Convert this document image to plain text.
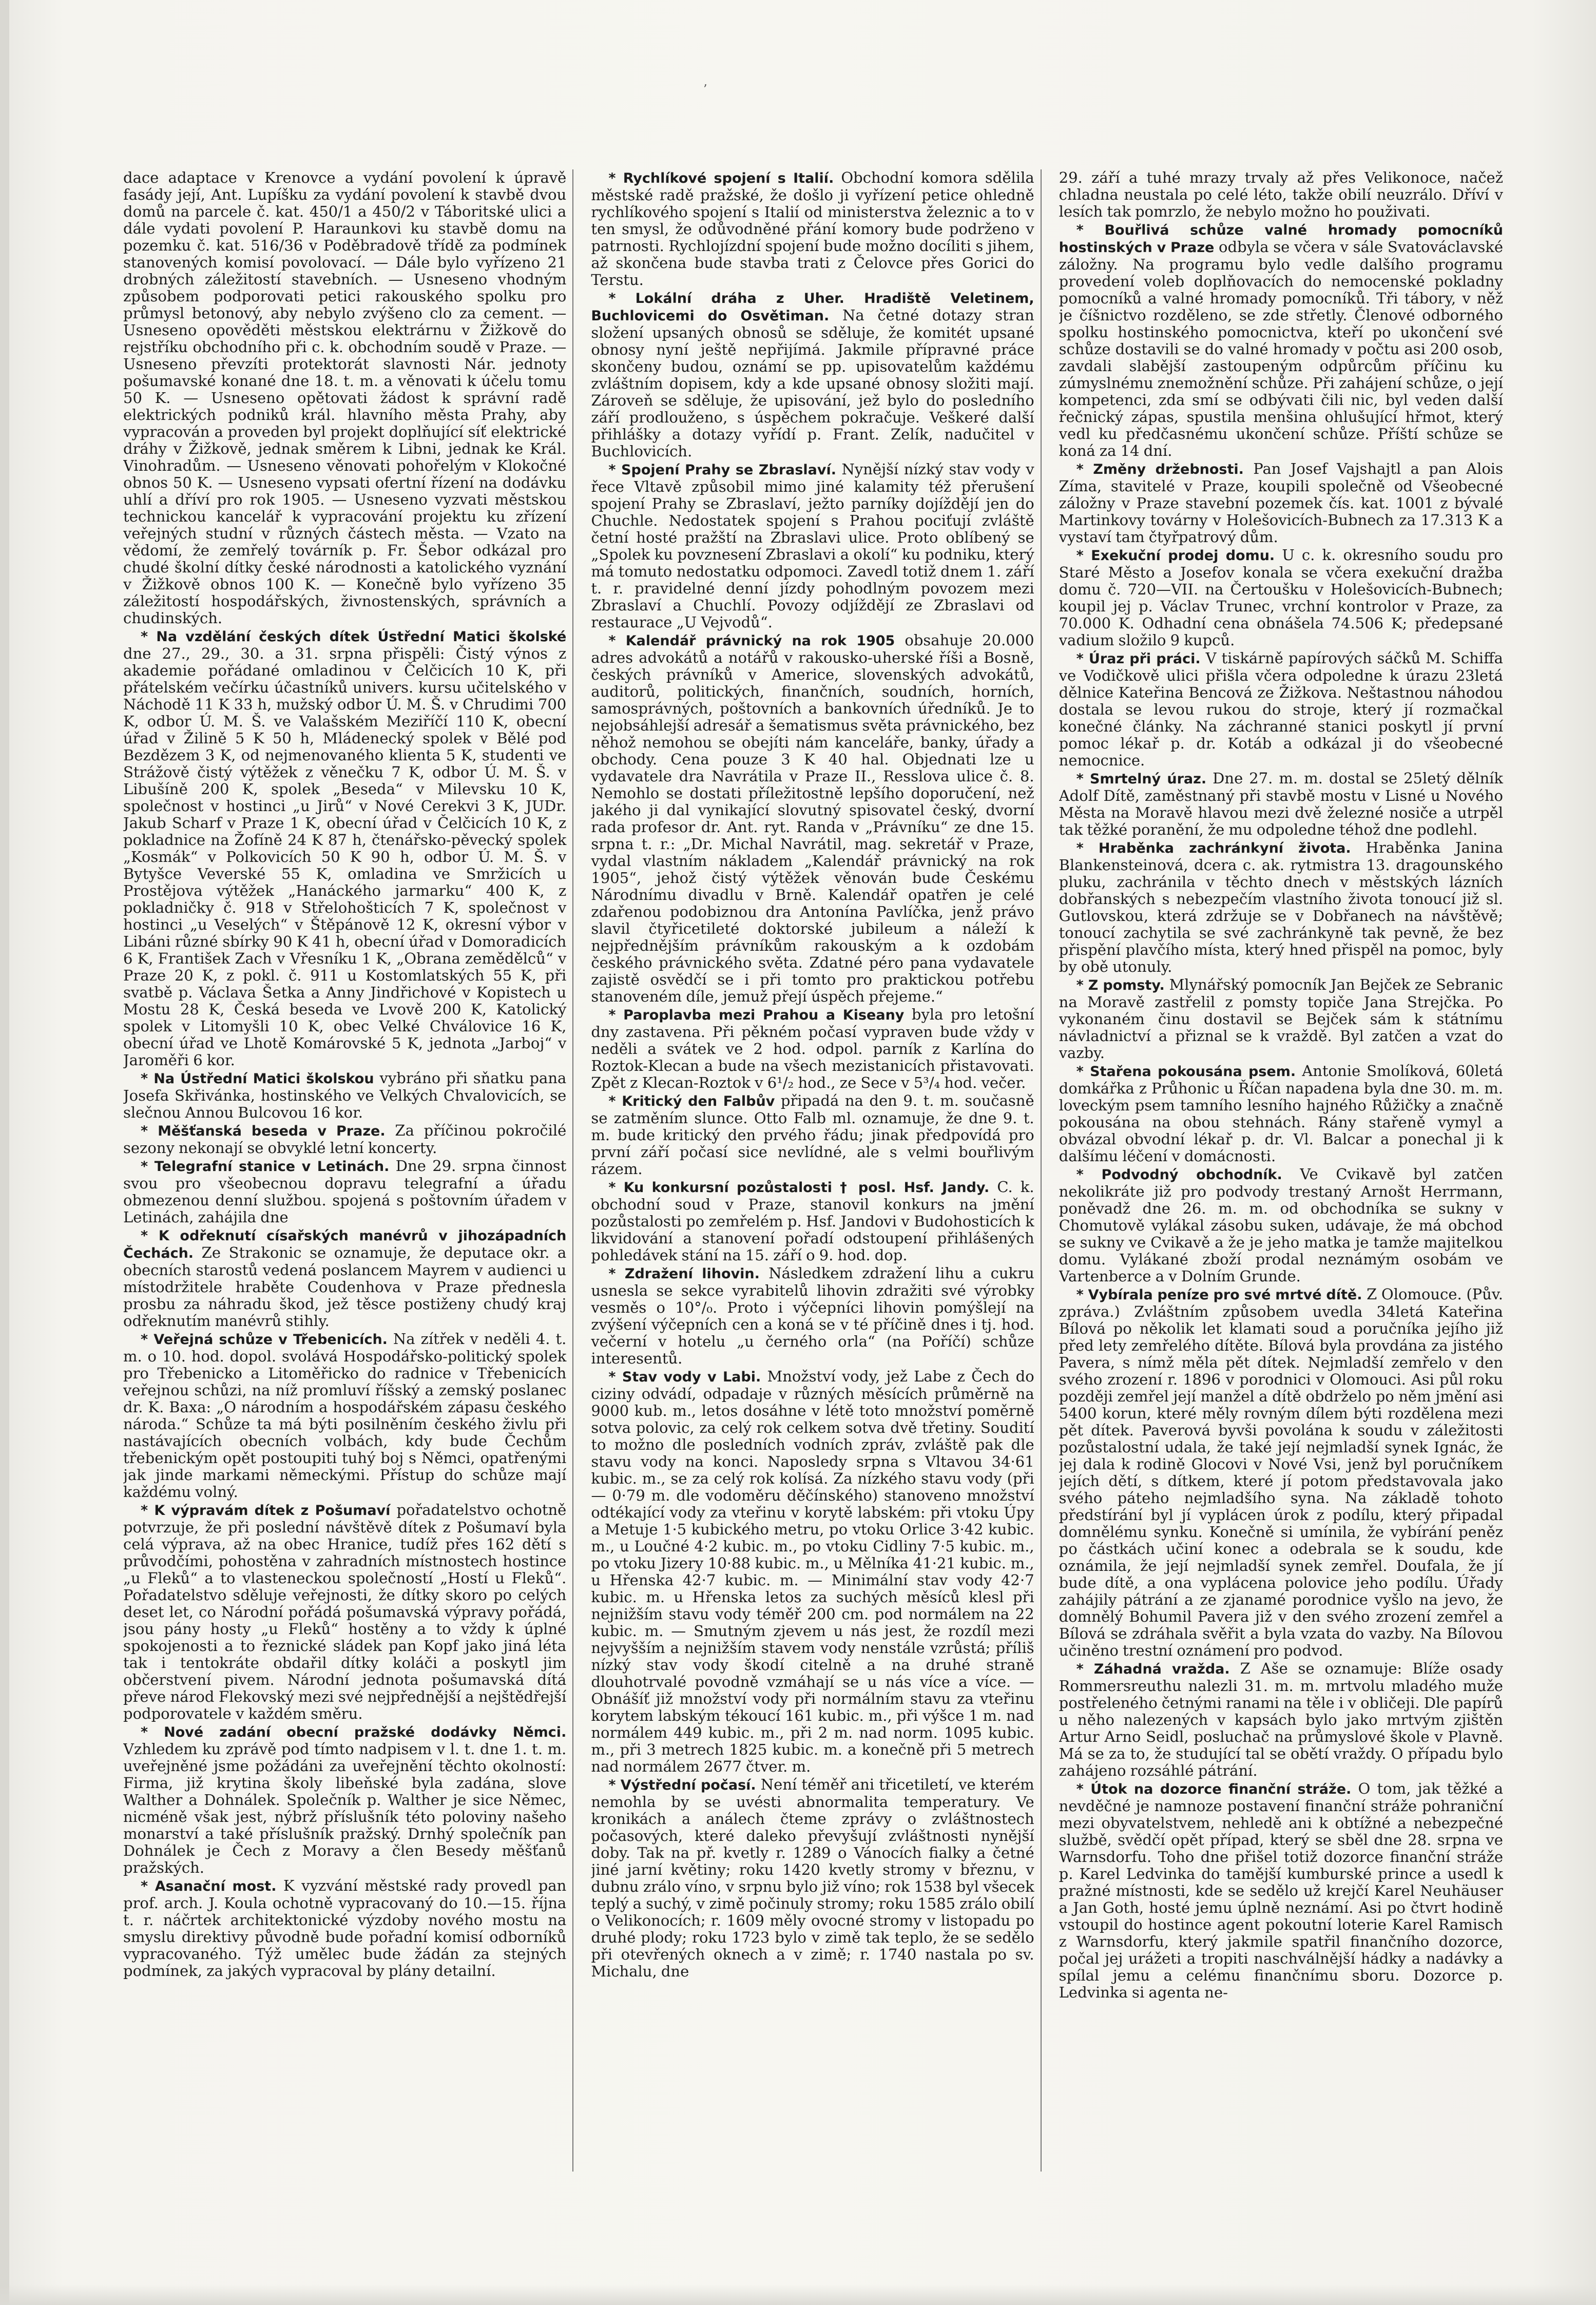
’

dace adaptace v Krenovce a vydání povolení k úpravě fasády její, Ant. Lupíšku za vydání povolení k stavbě dvou domů na parcele č. kat. 450/1 a 450/2 v Táboritské ulici a dále vydati povolení P. Haraunkovi ku stavbě domu na pozemku č. kat. 516/36 v Poděbradově třídě za podmínek stanovených komisí povolovací. — Dále bylo vyřízeno 21 drobných záležitostí stavebních. — Usneseno vhodným způsobem podporovati petici rakouského spolku pro průmysl betonový, aby nebylo zvýšeno clo za cement. — Usneseno opověděti městskou elektrárnu v Žižkově do rejstříku obchodního při c. k. obchodním soudě v Praze. — Usneseno převzíti protektorát slavnosti Nár. jednoty pošumavské konané dne 18. t. m. a věnovati k účelu tomu 50 K. — Usneseno opětovati žádost k správní radě elektrických podniků král. hlavního města Prahy, aby vypracován a proveden byl projekt doplňující síť elektrické dráhy v Žižkově, jednak směrem k Libni, jednak ke Král. Vinohradům. — Usneseno věnovati pohořelým v Klokočné obnos 50 K. — Usneseno vypsati ofertní řízení na dodávku uhlí a dříví pro rok 1905. — Usneseno vyzvati městskou technickou kancelář k vypracování projektu ku zřízení veřejných studní v různých částech města. — Vzato na vědomí, že zemřelý továrník p. Fr. Šebor odkázal pro chudé školní dítky české národnosti a katolického vyznání v Žižkově obnos 100 K. — Konečně bylo vyřízeno 35 záležitostí hospodářských, živnostenských, správních a chudinských.

* Na vzdělání českých dítek Ústřední Matici školské dne 27., 29., 30. a 31. srpna přispěli: Čistý výnos z akademie pořádané omladinou v Čelčicích 10 K, při přátelském večírku účastníků univers. kursu učitelského v Náchodě 11 K 33 h, mužský odbor Ú. M. Š. v Chrudimi 700 K, odbor Ú. M. Š. ve Valašském Meziříčí 110 K, obecní úřad v Žilině 5 K 50 h, Mládenecký spolek v Bělé pod Bezdězem 3 K, od nejmenovaného klienta 5 K, studenti ve Strážově čistý výtěžek z věnečku 7 K, odbor Ú. M. Š. v Libušíně 200 K, spolek „Beseda“ v Milevsku 10 K, společnost v hostinci „u Jirů“ v Nové Cerekvi 3 K, JUDr. Jakub Scharf v Praze 1 K, obecní úřad v Čelčicích 10 K, z pokladnice na Žofíně 24 K 87 h, čtenářsko-pěvecký spolek „Kosmák“ v Polkovicích 50 K 90 h, odbor Ú. M. Š. v Bytyšce Veverské 55 K, omladina ve Smržicích u Prostějova výtěžek „Hanáckého jarmarku“ 400 K, z pokladničky č. 918 v Střelohošticích 7 K, společnost v hostinci „u Veselých“ v Štěpánově 12 K, okresní výbor v Libáni různé sbírky 90 K 41 h, obecní úřad v Domoradicích 6 K, František Zach v Vřesníku 1 K, „Obrana zemědělců“ v Praze 20 K, z pokl. č. 911 u Kostomlatských 55 K, při svatbě p. Václava Šetka a Anny Jindřichové v Kopistech u Mostu 28 K, Česká beseda ve Lvově 200 K, Katolický spolek v Litomyšli 10 K, obec Velké Chválovice 16 K, obecní úřad ve Lhotě Komárovské 5 K, jednota „Jarboj“ v Jaroměři 6 kor.

* Na Ústřední Matici školskou vybráno při sňatku pana Josefa Skřivánka, hostinského ve Velkých Chvalovicích, se slečnou Annou Bulcovou 16 kor.

* Měšťanská beseda v Praze. Za příčinou pokročilé sezony nekonají se obvyklé letní koncerty.

* Telegrafní stanice v Letinách. Dne 29. srpna činnost svou pro všeobecnou dopravu telegrafní a úřadu obmezenou denní službou. spojená s poštovním úřadem v Letinách, zahájila dne

* K odřeknutí císařských manévrů v jihozápadních Čechách. Ze Strakonic se oznamuje, že deputace okr. a obecních starostů vedená poslancem Mayrem v audienci u místodržitele hraběte Coudenhova v Praze přednesla prosbu za náhradu škod, jež těsce postiženy chudý kraj odřeknutím manévrů stihly.

* Veřejná schůze v Třebenicích. Na zítřek v neděli 4. t. m. o 10. hod. dopol. svolává Hospodářsko-politický spolek pro Třebenicko a Litoměřicko do radnice v Třebenicích veřejnou schůzi, na níž promluví říšský a zemský poslanec dr. K. Baxa: „O národním a hospodářském zápasu českého národa.“ Schůze ta má býti posilněním českého živlu při nastávajících obecních volbách, kdy bude Čechům třebenickým opět postoupiti tuhý boj s Němci, opatřenými jak jinde markami německými. Přístup do schůze mají každému volný.

* K výpravám dítek z Pošumaví pořadatelstvo ochotně potvrzuje, že při poslední návštěvě dítek z Pošumaví byla celá výprava, až na obec Hranice, tudíž přes 162 dětí s průvodčími, pohostěna v zahradních místnostech hostince „u Fleků“ a to vlasteneckou společností „Hostí u Fleků“. Pořadatelstvo sděluje veřejnosti, že dítky skoro po celých deset let, co Národní pořádá pošumavská výpravy pořádá, jsou pány hosty „u Fleků“ hostěny a to vždy k úplné spokojenosti a to řeznické sládek pan Kopf jako jiná léta tak i tentokráte obdařil dítky koláči a poskytl jim občerstvení pivem. Národní jednota pošumavská dítá převe národ Flekovský mezi své nejpřednější a nejštědřejší podporovatele v každém směru.

* Nové zadání obecní pražské dodávky Němci. Vzhledem ku zprávě pod tímto nadpisem v l. t. dne 1. t. m. uveřejněné jsme požádáni za uveřejnění těchto okolností: Firma, již krytina školy libeňské byla zadána, slove Walther a Dohnálek. Společník p. Walther je sice Němec, nicméně však jest, nýbrž příslušník této poloviny našeho monarství a také příslušník pražský. Drnhý společník pan Dohnálek je Čech z Moravy a člen Besedy měšťanů pražských.

* Asanační most. K vyzvání městské rady provedl pan prof. arch. J. Koula ochotně vypracovaný do 10.—15. října t. r. náčrtek architektonické výzdoby nového mostu na smyslu direktivy původně bude pořadní komisí odborníků vypracovaného. Týž umělec bude žádán za stejných podmínek, za jakých vypracoval by plány detailní.

* Rychlíkové spojení s Italií. Obchodní komora sdělila městské radě pražské, že došlo ji vyřízení petice ohledně rychlíkového spojení s Italií od ministerstva železnic a to v ten smysl, že odůvodněné přání komory bude podrženo v patrnosti. Rychlojízdní spojení bude možno docíliti s jihem, až skončena bude stavba trati z Čelovce přes Gorici do Terstu.

* Lokální dráha z Uher. Hradiště Veletinem, Buchlovicemi do Osvětiman. Na četné dotazy stran složení upsaných obnosů se sděluje, že komitét upsané obnosy nyní ještě nepřijímá. Jakmile přípravné práce skončeny budou, oznámí se pp. upisovatelům každému zvláštním dopisem, kdy a kde upsané obnosy složiti mají. Zároveň se sděluje, že upisování, jež bylo do posledního září prodlouženo, s úspěchem pokračuje. Veškeré další přihlášky a dotazy vyřídí p. Frant. Zelík, nadučitel v Buchlovicích.

* Spojení Prahy se Zbraslaví. Nynější nízký stav vody v řece Vltavě způsobil mimo jiné kalamity též přerušení spojení Prahy se Zbraslaví, ježto parníky dojíždějí jen do Chuchle. Nedostatek spojení s Prahou pociťují zvláště četní hosté pražští na Zbraslavi ulice. Proto oblíbený se „Spolek ku povznesení Zbraslavi a okolí“ ku podniku, který má tomuto nedostatku odpomoci. Zavedl totiž dnem 1. září t. r. pravidelné denní jízdy pohodlným povozem mezi Zbraslaví a Chuchlí. Povozy odjíždějí ze Zbraslavi od restaurace „U Vejvodů“.

* Kalendář právnický na rok 1905 obsahuje 20.000 adres advokátů a notářů v rakousko-uherské říši a Bosně, českých právníků v Americe, slovenských advokátů, auditorů, politických, finančních, soudních, horních, samosprávných, poštovních a bankovních úředníků. Je to nejobsáhlejší adresář a šematismus světa právnického, bez něhož nemohou se obejíti nám kanceláře, banky, úřady a obchody. Cena pouze 3 K 40 hal. Objednati lze u vydavatele dra Navrátila v Praze II., Resslova ulice č. 8. Nemohlo se dostati příležitostně lepšího doporučení, než jakého ji dal vynikající slovutný spisovatel český, dvorní rada profesor dr. Ant. ryt. Randa v „Právníku“ ze dne 15. srpna t. r.: „Dr. Michal Navrátil, mag. sekretář v Praze, vydal vlastním nákladem „Kalendář právnický na rok 1905“, jehož čistý výtěžek věnován bude Českému Národnímu divadlu v Brně. Kalendář opatřen je celé zdařenou podobiznou dra Antonína Pavlíčka, jenž právo slavil čtyřicetileté doktorské jubileum a náleží k nejpřednějším právníkům rakouským a k ozdobám českého právnického světa. Zdatné péro pana vydavatele zajistě osvědčí se i při tomto pro praktickou potřebu stanoveném díle, jemuž přejí úspěch přejeme.“

* Paroplavba mezi Prahou a Kiseany byla pro letošní dny zastavena. Při pěkném počasí vypraven bude vždy v neděli a svátek ve 2 hod. odpol. parník z Karlína do Roztok-Klecan a bude na všech mezistanicích přistavovati. Zpět z Klecan-Roztok v 6¹/₂ hod., ze Sece v 5³/₄ hod. večer.

* Kritický den Falbův připadá na den 9. t. m. současně se zatměním slunce. Otto Falb ml. oznamuje, že dne 9. t. m. bude kritický den prvého řádu; jinak předpovídá pro první září počasí sice nevlídné, ale s velmi bouřlivým rázem.

* Ku konkursní pozůstalosti † posl. Hsf. Jandy. C. k. obchodní soud v Praze, stanovil konkurs na jmění pozůstalosti po zemřelém p. Hsf. Jandovi v Budohosticích k likvidování a stanovení pořadí odstoupení přihlášených pohledávek stání na 15. září o 9. hod. dop.

* Zdražení lihovin. Následkem zdražení lihu a cukru usnesla se sekce vyrabitelů lihovin zdražiti své výrobky vesměs o 10°/₀. Proto i výčepníci lihovin pomýšlejí na zvýšení výčepních cen a koná se v té příčině dnes i tj. hod. večerní v hotelu „u černého orla“ (na Poříčí) schůze interesentů.

* Stav vody v Labi. Množství vody, jež Labe z Čech do ciziny odvádí, odpadaje v různých měsících průměrně na 9000 kub. m., letos dosáhne v létě toto množství poměrně sotva polovic, za celý rok celkem sotva dvě třetiny. Soudití to možno dle posledních vodních zpráv, zvláště pak dle stavu vody na konci. Naposledy srpna s Vltavou 34·61 kubic. m., se za celý rok kolísá. Za nízkého stavu vody (při — 0·79 m. dle vodoměru děčínského) stanoveno množství odtékající vody za vteřinu v korytě labském: při vtoku Úpy a Metuje 1·5 kubického metru, po vtoku Orlice 3·42 kubic. m., u Loučné 4·2 kubic. m., po vtoku Cidliny 7·5 kubic. m., po vtoku Jizery 10·88 kubic. m., u Mělníka 41·21 kubic. m., u Hřenska 42·7 kubic. m. — Minimální stav vody 42·7 kubic. m. u Hřenska letos za suchých měsíců klesl při nejnižším stavu vody téměř 200 cm. pod normálem na 22 kubic. m. — Smutným zjevem u nás jest, že rozdíl mezi nejvyšším a nejnižším stavem vody nenstále vzrůstá; příliš nízký stav vody škodí citelně a na druhé straně dlouhotrvalé povodně vzmáhají se u nás více a více. — Obnášíť již množství vody při normálním stavu za vteřinu korytem labským tékoucí 161 kubic. m., při výšce 1 m. nad normálem 449 kubic. m., při 2 m. nad norm. 1095 kubic. m., při 3 metrech 1825 kubic. m. a konečně při 5 metrech nad normálem 2677 čtver. m.

* Výstřední počasí. Není téměř ani třicetiletí, ve kterém nemohla by se uvésti abnormalita temperatury. Ve kronikách a análech čteme zprávy o zvláštnostech počasových, které daleko převyšují zvláštnosti nynější doby. Tak na př. kvetly r. 1289 o Vánocích fialky a četné jiné jarní květiny; roku 1420 kvetly stromy v březnu, v dubnu zrálo víno, v srpnu bylo již víno; rok 1538 byl všecek teplý a suchý, v zimě počinuly stromy; roku 1585 zrálo obilí o Velikonocích; r. 1609 měly ovocné stromy v listopadu po druhé plody; roku 1723 bylo v zimě tak teplo, že se sedělo při otevřených oknech a v zimě; r. 1740 nastala po sv. Michalu, dne

29. září a tuhé mrazy trvaly až přes Velikonoce, načež chladna neustala po celé léto, takže obilí neuzrálo. Dříví v lesích tak pomrzlo, že nebylo možno ho použivati.

* Bouřlivá schůze valné hromady pomocníků hostinských v Praze odbyla se včera v sále Svatováclavské záložny. Na programu bylo vedle dalšího programu provedení voleb doplňovacích do nemocenské pokladny pomocníků a valné hromady pomocníků. Tři tábory, v něž je číšnictvo rozděleno, se zde střetly. Členové odborného spolku hostinského pomocnictva, kteří po ukončení své schůze dostavili se do valné hromady v počtu asi 200 osob, zavdali slabější zastoupeným odpůrcům příčinu ku zúmyslnému znemožnění schůze. Při zahájení schůze, o její kompetenci, zda smí se odbývati čili nic, byl veden další řečnický zápas, spustila menšina ohlušující hřmot, který vedl ku předčasnému ukončení schůze. Příští schůze se koná za 14 dní.

* Změny držebnosti. Pan Josef Vajshajtl a pan Alois Zíma, stavitelé v Praze, koupili společně od Všeobecné záložny v Praze stavební pozemek čís. kat. 1001 z bývalé Martinkovy továrny v Holešovicích-Bubnech za 17.313 K a vystaví tam čtyřpatrový dům.

* Exekuční prodej domu. U c. k. okresního soudu pro Staré Město a Josefov konala se včera exekuční dražba domu č. 720—VII. na Čertoušku v Holešovicích-Bubnech; koupil jej p. Václav Trunec, vrchní kontrolor v Praze, za 70.000 K. Odhadní cena obnášela 74.506 K; předepsané vadium složilo 9 kupců.

* Úraz při práci. V tiskárně papírových sáčků M. Schiffa ve Vodičkově ulici přišla včera odpoledne k úrazu 23letá dělnice Kateřina Bencová ze Žižkova. Neštastnou náhodou dostala se levou rukou do stroje, který jí rozmačkal konečné články. Na záchranné stanici poskytl jí první pomoc lékař p. dr. Kotáb a odkázal ji do všeobecné nemocnice.

* Smrtelný úraz. Dne 27. m. m. dostal se 25letý dělník Adolf Dítě, zaměstnaný při stavbě mostu v Lisné u Nového Města na Moravě hlavou mezi dvě železné nosiče a utrpěl tak těžké poranění, že mu odpoledne téhož dne podlehl.

* Hraběnka zachránkyní života. Hraběnka Janina Blankensteinová, dcera c. ak. rytmistra 13. dragounského pluku, zachránila v těchto dnech v městských lázních dobřanských s nebezpečím vlastního života tonoucí již sl. Gutlovskou, která zdržuje se v Dobřanech na návštěvě; tonoucí zachytila se své zachránkyně tak pevně, že bez přispění plavčího místa, který hned přispěl na pomoc, byly by obě utonuly.

* Z pomsty. Mlynářský pomocník Jan Bejček ze Sebranic na Moravě zastřelil z pomsty topiče Jana Strejčka. Po vykonaném činu dostavil se Bejček sám k státnímu návladnictví a přiznal se k vraždě. Byl zatčen a vzat do vazby.

* Stařena pokousána psem. Antonie Smolíková, 60letá domkářka z Průhonic u Říčan napadena byla dne 30. m. m. loveckým psem tamního lesního hajného Růžičky a značně pokousána na obou stehnách. Rány stařeně vymyl a obvázal obvodní lékař p. dr. Vl. Balcar a ponechal ji k dalšímu léčení v domácnosti.

* Podvodný obchodník. Ve Cvikavě byl zatčen nekolikráte již pro podvody trestaný Arnošt Herrmann, poněvadž dne 26. m. m. od obchodníka se sukny v Chomutově vylákal zásobu suken, udávaje, že má obchod se sukny ve Cvikavě a že je jeho matka je tamže majitelkou domu. Vylákané zboží prodal neznámým osobám ve Vartenberce a v Dolním Grunde.

* Vybírala peníze pro své mrtvé dítě. Z Olomouce. (Pův. zpráva.) Zvláštním způsobem uvedla 34letá Kateřina Bílová po několik let klamati soud a poručníka jejího již před lety zemřelého dítěte. Bílová byla provdána za jistého Pavera, s nímž měla pět dítek. Nejmladší zemřelo v den svého zrození r. 1896 v porodnici v Olomouci. Asi půl roku později zemřel její manžel a dítě obdrželo po něm jmění asi 5400 korun, které měly rovným dílem býti rozdělena mezi pět dítek. Paverová byvši povolána k soudu v záležitosti pozůstalostní udala, že také její nejmladší synek Ignác, že jej dala k rodině Glocovi v Nové Vsi, jenž byl poručníkem jejích dětí, s dítkem, které jí potom představovala jako svého páteho nejmladšího syna. Na základě tohoto předstírání byl jí vyplácen úrok z podílu, který připadal domnělému synku. Konečně si umínila, že vybírání peněz po částkách učiní konec a odebrala se k soudu, kde oznámila, že její nejmladší synek zemřel. Doufala, že jí bude dítě, a ona vyplácena polovice jeho podílu. Úřady zahájily pátrání a ze zjanamé porodnice vyšlo na jevo, že domnělý Bohumil Pavera již v den svého zrození zemřel a Bílová se zdráhala svěřit a byla vzata do vazby. Na Bílovou učiněno trestní oznámení pro podvod.

* Záhadná vražda. Z Aše se oznamuje: Blíže osady Rommersreuthu nalezli 31. m. m. mrtvolu mladého muže postřeleného četnými ranami na těle i v obličeji. Dle papírů u něho nalezených v kapsách bylo jako mrtvým zjištěn Artur Arno Seidl, posluchač na průmyslové škole v Plavně. Má se za to, že studující tal se obětí vraždy. O případu bylo zahájeno rozsáhlé pátrání.

* Útok na dozorce finanční stráže. O tom, jak těžké a nevděčné je namnoze postavení finanční stráže pohraniční mezi obyvatelstvem, nehledě ani k obtížné a nebezpečné službě, svědčí opět případ, který se sběl dne 28. srpna ve Warnsdorfu. Toho dne přišel totiž dozorce finanční stráže p. Karel Ledvinka do tamější kumburské prince a usedl k pražné místnosti, kde se sedělo už krejčí Karel Neuhäuser a Jan Goth, hosté jemu úplně neznámí. Asi po čtvrt hodině vstoupil do hostince agent pokoutní loterie Karel Ramisch z Warnsdorfu, který jakmile spatřil finančního dozorce, počal jej urážeti a tropiti naschválnější hádky a nadávky a spílal jemu a celému finančnímu sboru. Dozorce p. Ledvinka si agenta ne-
